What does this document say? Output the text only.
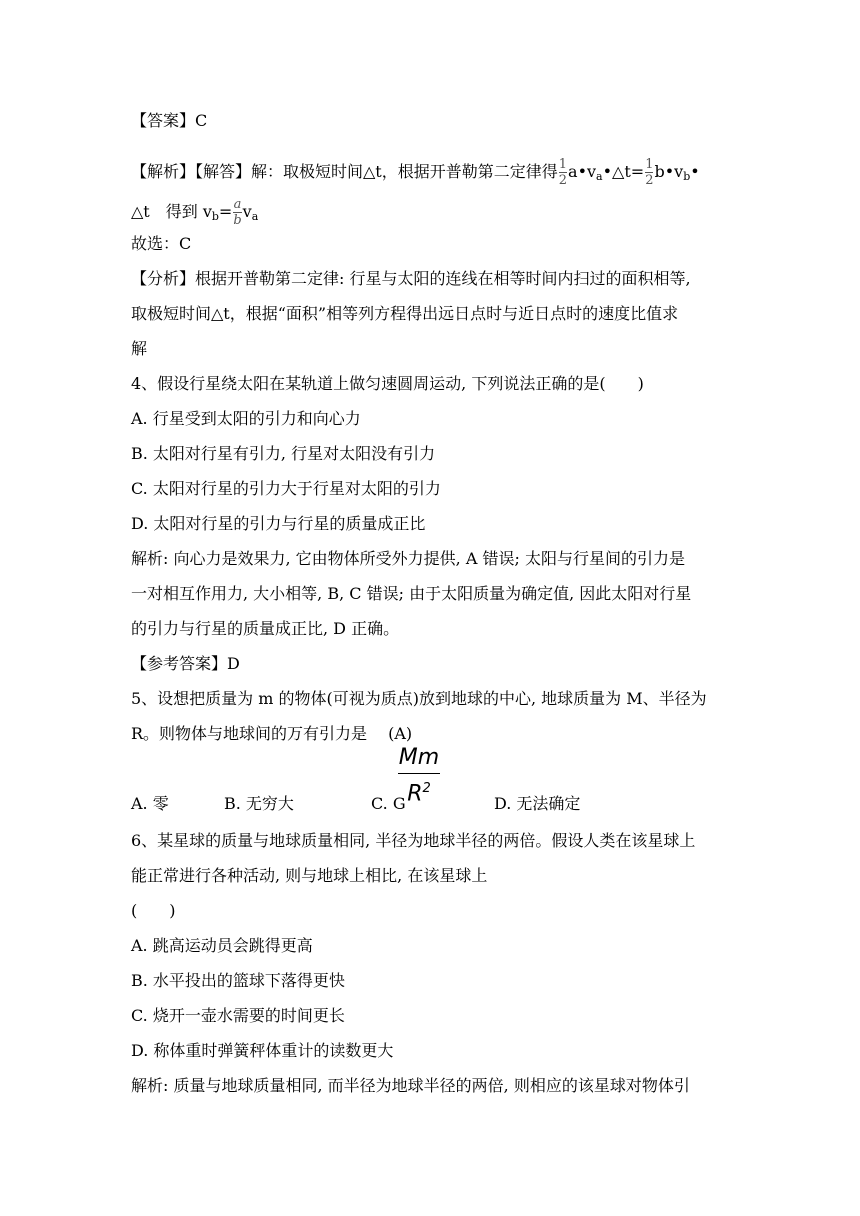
【答案】C
【解析】【解答】解：取极短时间△t，根据开普勒第二定律得 $\frac{1}{2}$ $a•v_a•\triangle t= \frac{1}{2}$ $b•v_b•$
△t　得到 $v_b= \frac{a}{b} v_a$
故选：C
【分析】根据开普勒第二定律: 行星与太阳的连线在相等时间内扫过的面积相等,
取极短时间△t，根据“面积”相等列方程得出远日点时与近日点时的速度比值求
解
4、假设行星绕太阳在某轨道上做匀速圆周运动, 下列说法正确的是(　　)
A. 行星受到太阳的引力和向心力
B. 太阳对行星有引力, 行星对太阳没有引力
C. 太阳对行星的引力大于行星对太阳的引力
D. 太阳对行星的引力与行星的质量成正比
解析: 向心力是效果力, 它由物体所受外力提供, A 错误; 太阳与行星间的引力是
一对相互作用力, 大小相等, B, C 错误; 由于太阳质量为确定值, 因此太阳对行星
的引力与行星的质量成正比, D 正确。
【参考答案】D
5、设想把质量为 m 的物体(可视为质点)放到地球的中心, 地球质量为 M、半径为
R。则物体与地球间的万有引力是　 (A)
Mm
$R^2$
A. 零	B. 无穷大	C. G	D. 无法确定
6、某星球的质量与地球质量相同, 半径为地球半径的两倍。假设人类在该星球上
能正常进行各种活动, 则与地球上相比, 在该星球上
(　　)
A. 跳高运动员会跳得更高
B. 水平投出的篮球下落得更快
C. 烧开一壶水需要的时间更长
D. 称体重时弹簧秤体重计的读数更大
解析: 质量与地球质量相同, 而半径为地球半径的两倍, 则相应的该星球对物体引
